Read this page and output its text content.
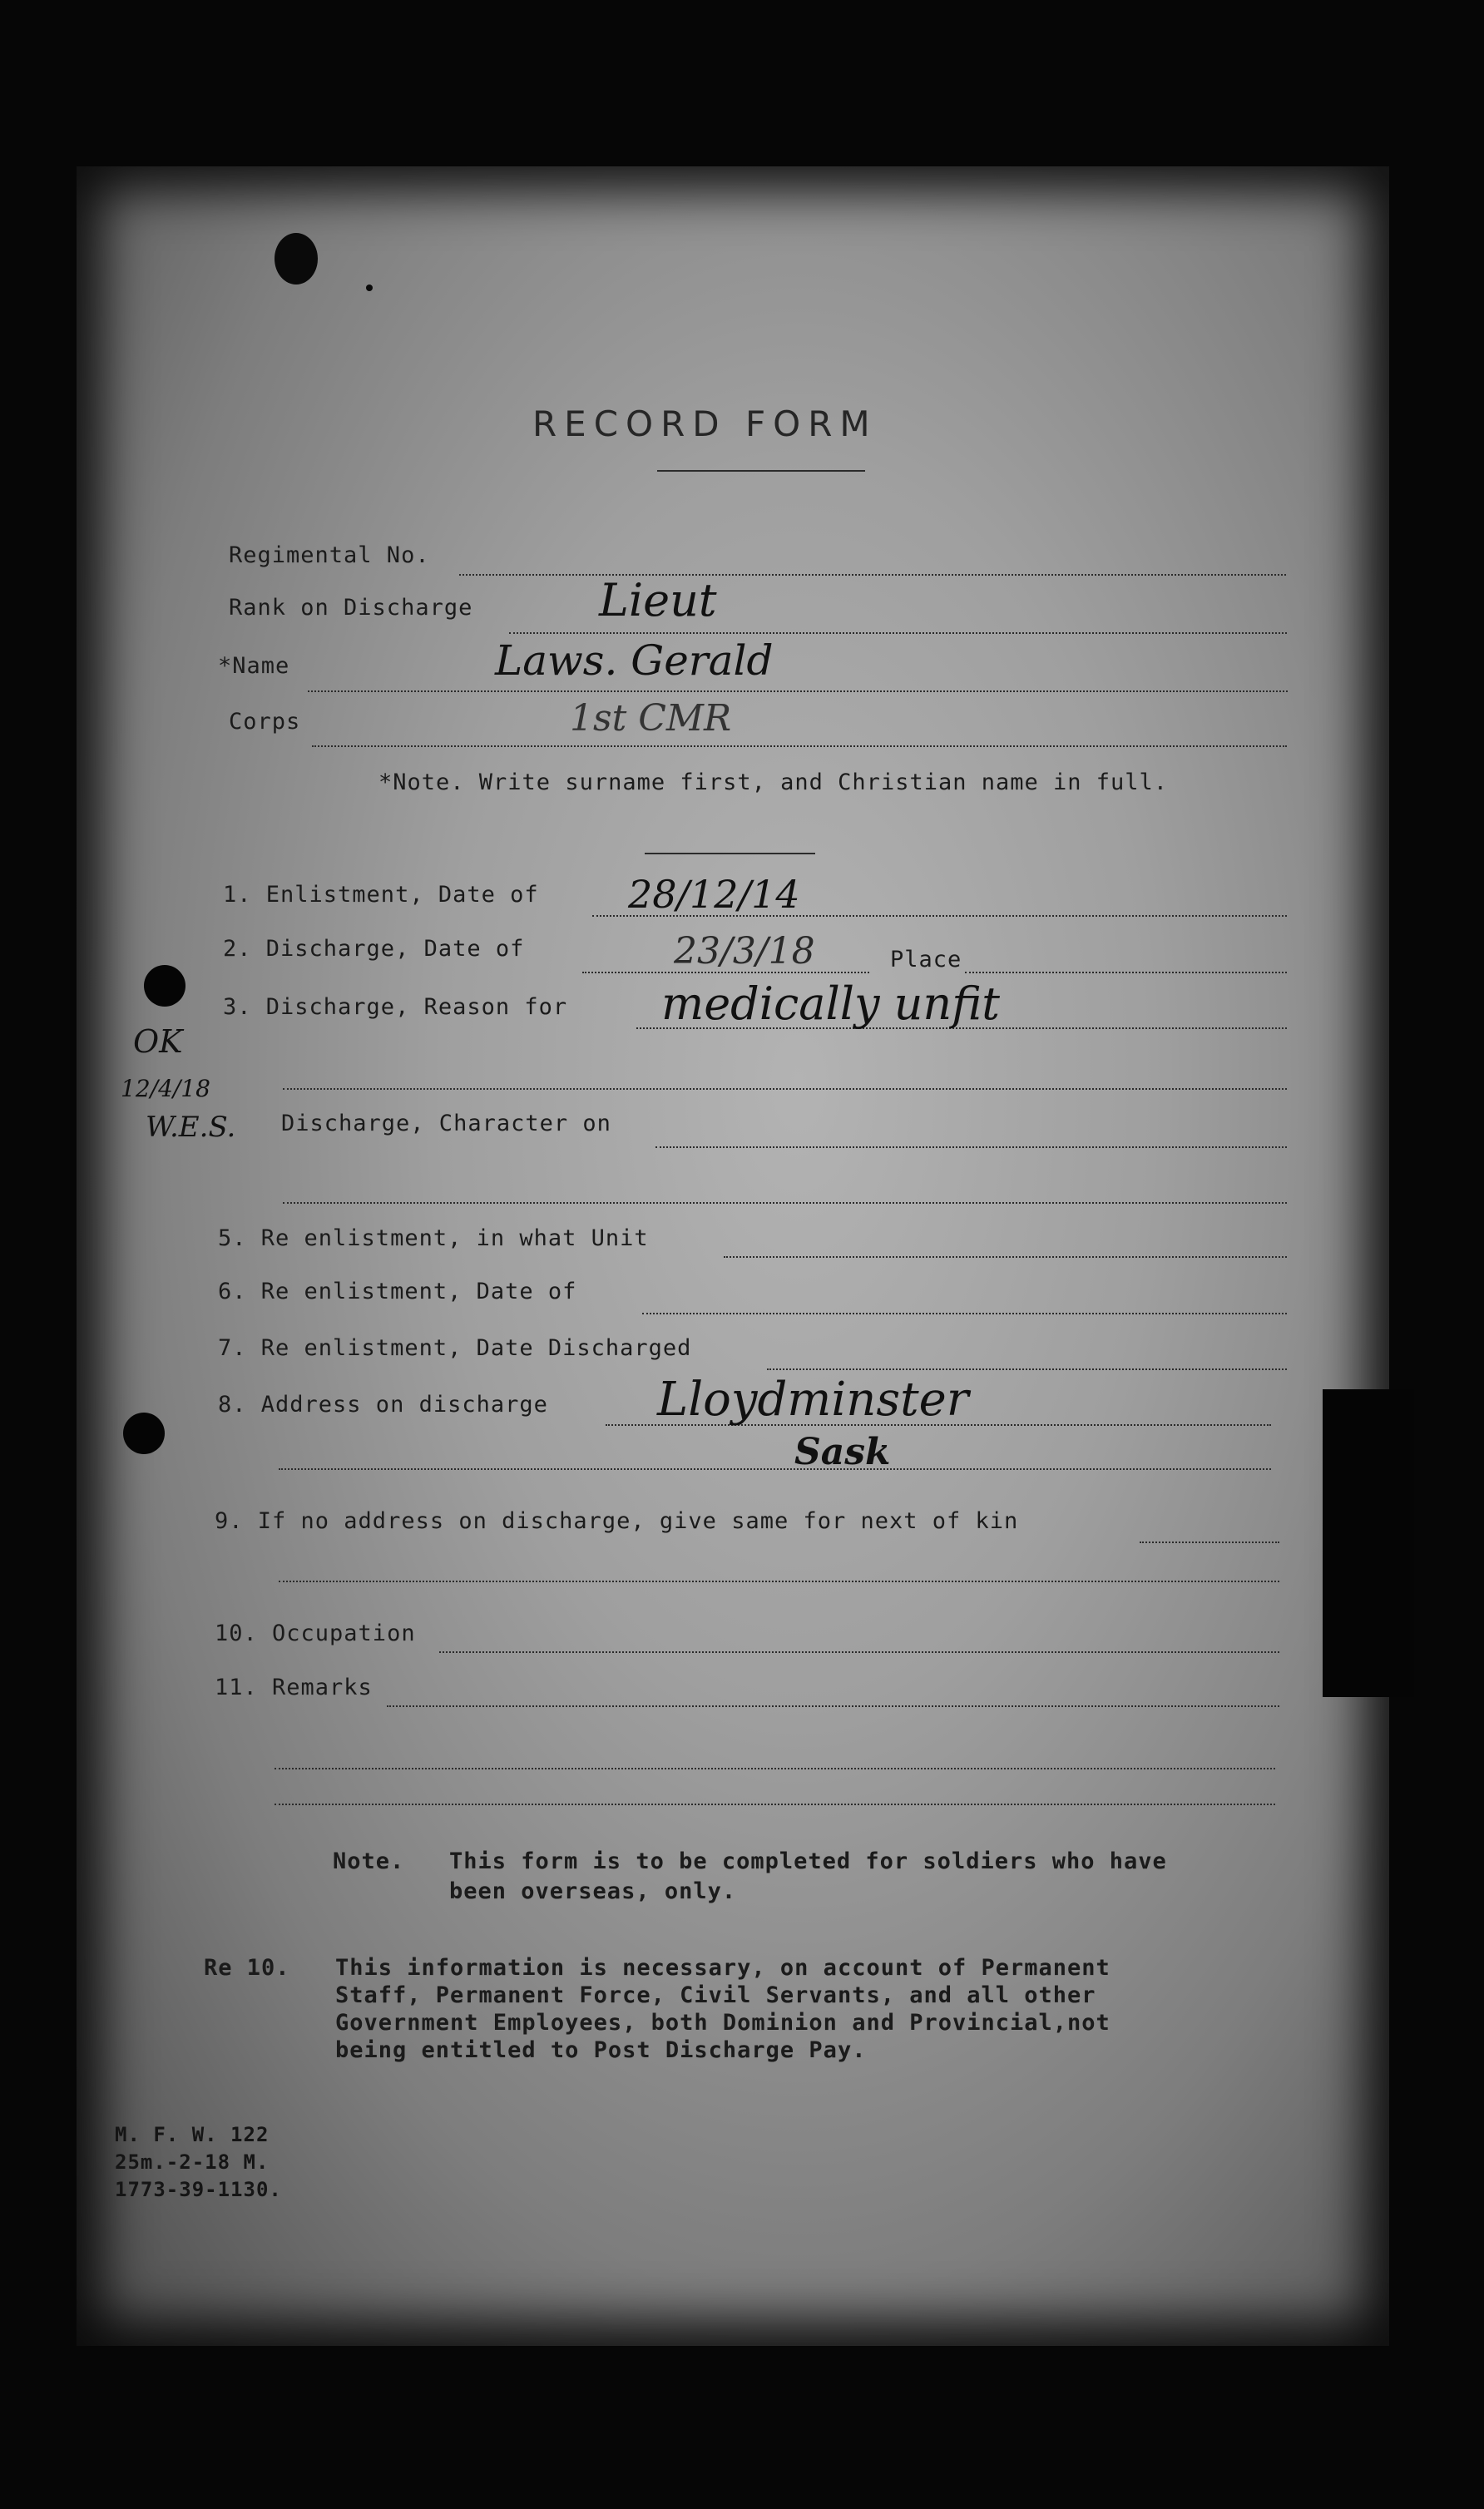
RECORD FORM
Regimental No.
Rank on Discharge	Lieut
*Name	Laws. Gerald
Corps	1st CMR
*Note. Write surname first, and Christian name in full.
1. Enlistment, Date of 28/12/14
2. Discharge, Date of	23/3/18	Place
3. Discharge, Reason for medically unfit
OK
12/4/18
W.E.S. Discharge, Character on
5. Re enlistment, in what Unit
6. Re enlistment, Date of
7. Re enlistment, Date Discharged
8. Address on discharge Lloydminster
Sask
9. If no address on discharge, give same for next of kin
10. Occupation
11. Remarks
Note. This form is to be completed for soldiers who have
been overseas, only.
Re 10. This information is necessary, on account of Permanent
Staff, Permanent Force, Civil Servants, and all other
Government Employees, both Dominion and Provincial,not
being entitled to Post Discharge Pay.
M. F. W. 122
25m.-2-18 M.
1773-39-1130.
